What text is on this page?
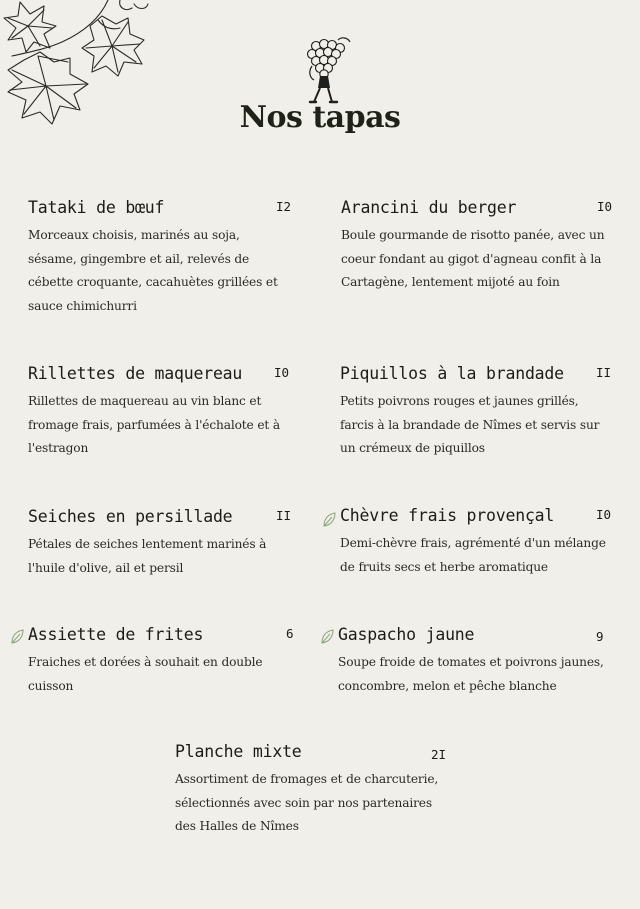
Nos tapas
Tataki de bœuf	I2
Morceaux choisis, marinés au soja, sésame, gingembre et ail, relevés de cébette croquante, cacahuètes grillées et sauce chimichurri
Arancini du berger	I0
Boule gourmande de risotto panée, avec un coeur fondant au gigot d'agneau confit à la Cartagène, lentement mijoté au foin
Rillettes de maquereau	I0
Rillettes de maquereau au vin blanc et fromage frais, parfumées à l'échalote et à l'estragon
Piquillos à la brandade	II
Petits poivrons rouges et jaunes grillés, farcis à la brandade de Nîmes et servis sur un crémeux de piquillos
Seiches en persillade	II
Pétales de seiches lentement marinés à l'huile d'olive, ail et persil
Chèvre frais provençal	I0
Demi-chèvre frais, agrémenté d'un mélange de fruits secs et herbe aromatique
Assiette de frites	6
Fraiches et dorées à souhait en double cuisson
Gaspacho jaune	9
Soupe froide de tomates et poivrons jaunes, concombre, melon et pêche blanche
Planche mixte	2I
Assortiment de fromages et de charcuterie, sélectionnés avec soin par nos partenaires des Halles de Nîmes
